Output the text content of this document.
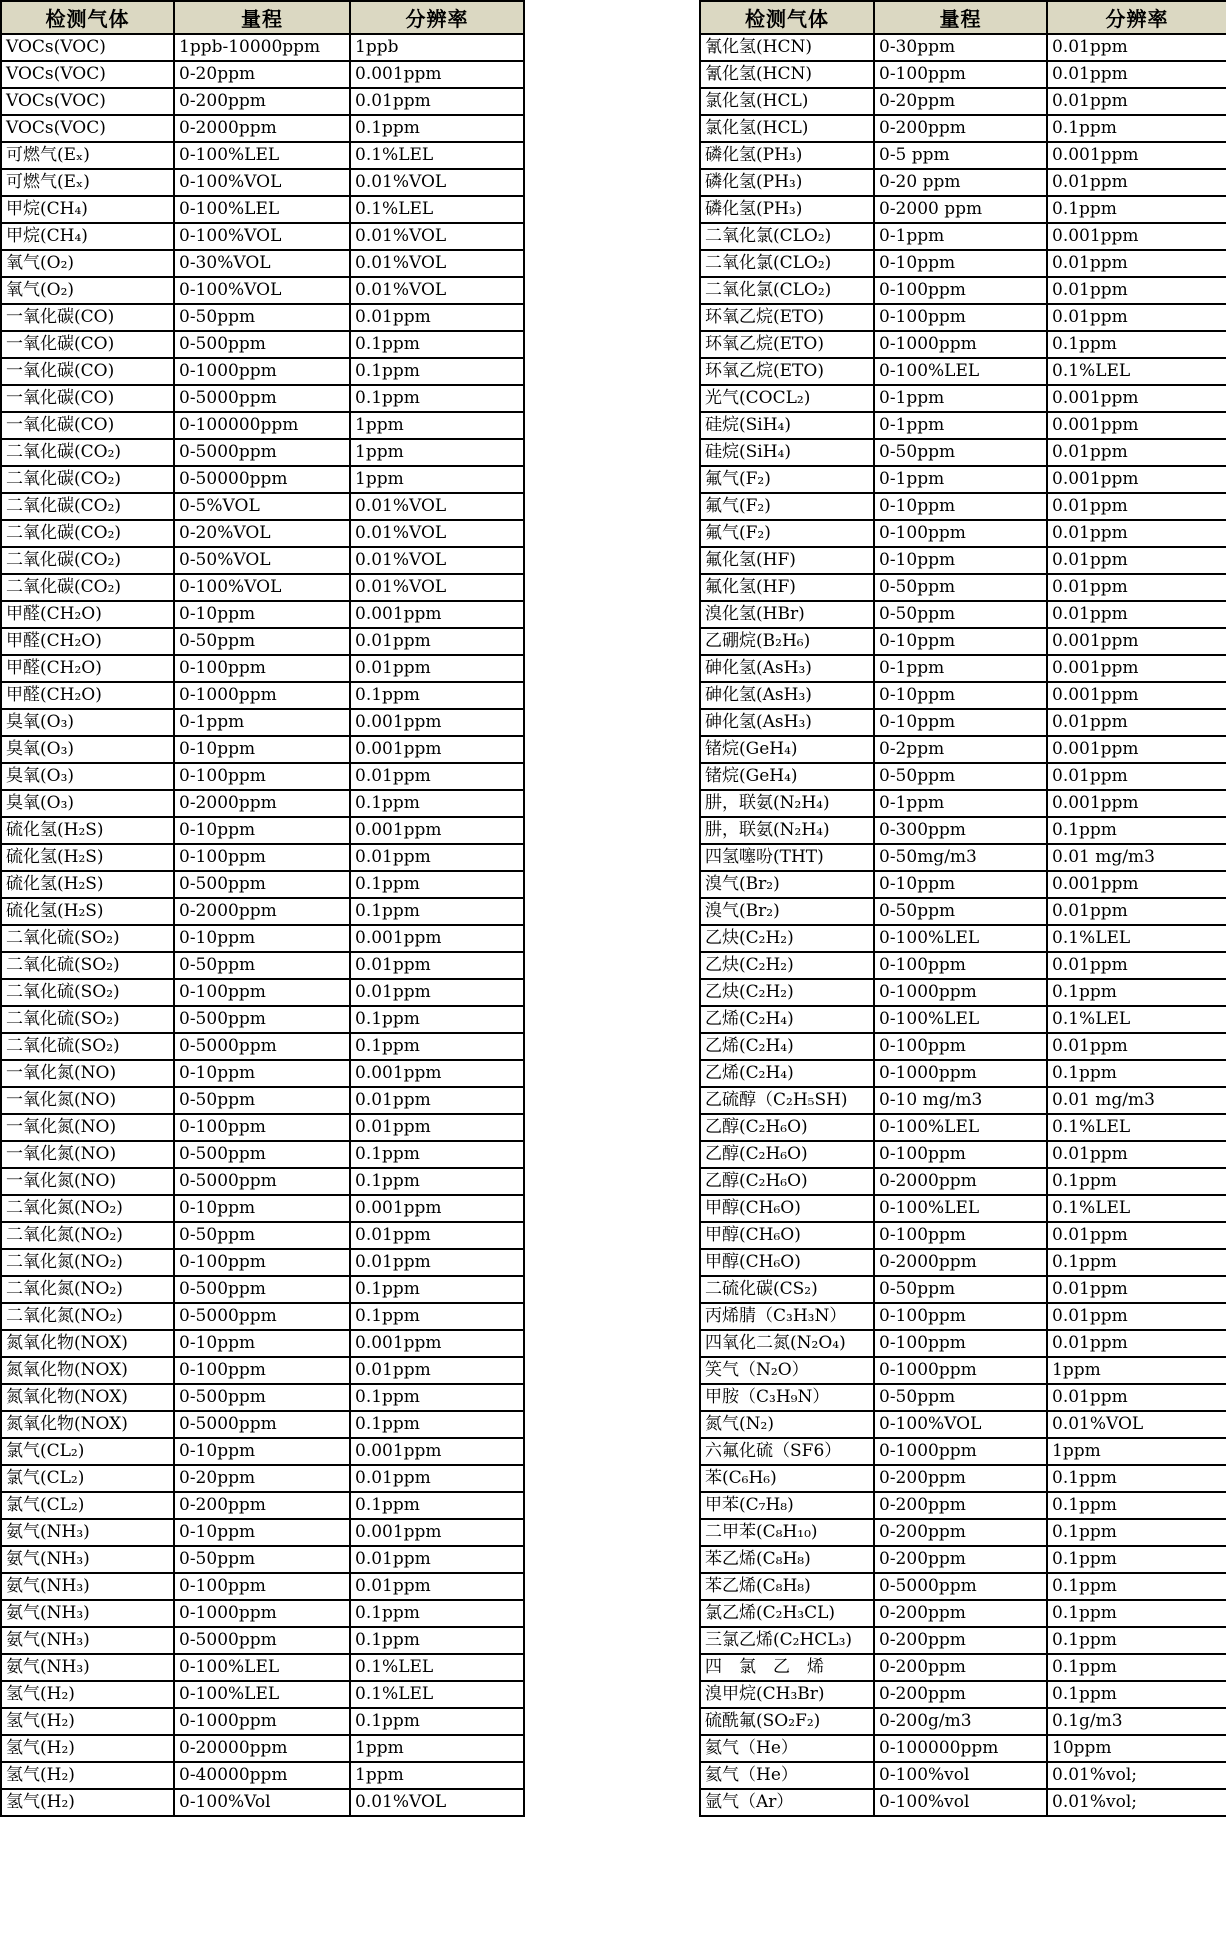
检测气体	量程	分辨率
VOCs(VOC)	1ppb-10000ppm	1ppb
VOCs(VOC)	0-20ppm	0.001ppm
VOCs(VOC)	0-200ppm	0.01ppm
VOCs(VOC)	0-2000ppm	0.1ppm
可燃气(Eₓ)	0-100%LEL	0.1%LEL
可燃气(Eₓ)	0-100%VOL	0.01%VOL
甲烷(CH₄)	0-100%LEL	0.1%LEL
甲烷(CH₄)	0-100%VOL	0.01%VOL
氧气(O₂)	0-30%VOL	0.01%VOL
氧气(O₂)	0-100%VOL	0.01%VOL
一氧化碳(CO)	0-50ppm	0.01ppm
一氧化碳(CO)	0-500ppm	0.1ppm
一氧化碳(CO)	0-1000ppm	0.1ppm
一氧化碳(CO)	0-5000ppm	0.1ppm
一氧化碳(CO)	0-100000ppm	1ppm
二氧化碳(CO₂)	0-5000ppm	1ppm
二氧化碳(CO₂)	0-50000ppm	1ppm
二氧化碳(CO₂)	0-5%VOL	0.01%VOL
二氧化碳(CO₂)	0-20%VOL	0.01%VOL
二氧化碳(CO₂)	0-50%VOL	0.01%VOL
二氧化碳(CO₂)	0-100%VOL	0.01%VOL
甲醛(CH₂O)	0-10ppm	0.001ppm
甲醛(CH₂O)	0-50ppm	0.01ppm
甲醛(CH₂O)	0-100ppm	0.01ppm
甲醛(CH₂O)	0-1000ppm	0.1ppm
臭氧(O₃)	0-1ppm	0.001ppm
臭氧(O₃)	0-10ppm	0.001ppm
臭氧(O₃)	0-100ppm	0.01ppm
臭氧(O₃)	0-2000ppm	0.1ppm
硫化氢(H₂S)	0-10ppm	0.001ppm
硫化氢(H₂S)	0-100ppm	0.01ppm
硫化氢(H₂S)	0-500ppm	0.1ppm
硫化氢(H₂S)	0-2000ppm	0.1ppm
二氧化硫(SO₂)	0-10ppm	0.001ppm
二氧化硫(SO₂)	0-50ppm	0.01ppm
二氧化硫(SO₂)	0-100ppm	0.01ppm
二氧化硫(SO₂)	0-500ppm	0.1ppm
二氧化硫(SO₂)	0-5000ppm	0.1ppm
一氧化氮(NO)	0-10ppm	0.001ppm
一氧化氮(NO)	0-50ppm	0.01ppm
一氧化氮(NO)	0-100ppm	0.01ppm
一氧化氮(NO)	0-500ppm	0.1ppm
一氧化氮(NO)	0-5000ppm	0.1ppm
二氧化氮(NO₂)	0-10ppm	0.001ppm
二氧化氮(NO₂)	0-50ppm	0.01ppm
二氧化氮(NO₂)	0-100ppm	0.01ppm
二氧化氮(NO₂)	0-500ppm	0.1ppm
二氧化氮(NO₂)	0-5000ppm	0.1ppm
氮氧化物(NOX)	0-10ppm	0.001ppm
氮氧化物(NOX)	0-100ppm	0.01ppm
氮氧化物(NOX)	0-500ppm	0.1ppm
氮氧化物(NOX)	0-5000ppm	0.1ppm
氯气(CL₂)	0-10ppm	0.001ppm
氯气(CL₂)	0-20ppm	0.01ppm
氯气(CL₂)	0-200ppm	0.1ppm
氨气(NH₃)	0-10ppm	0.001ppm
氨气(NH₃)	0-50ppm	0.01ppm
氨气(NH₃)	0-100ppm	0.01ppm
氨气(NH₃)	0-1000ppm	0.1ppm
氨气(NH₃)	0-5000ppm	0.1ppm
氨气(NH₃)	0-100%LEL	0.1%LEL
氢气(H₂)	0-100%LEL	0.1%LEL
氢气(H₂)	0-1000ppm	0.1ppm
氢气(H₂)	0-20000ppm	1ppm
氢气(H₂)	0-40000ppm	1ppm
氢气(H₂)	0-100%Vol	0.01%VOL
检测气体	量程	分辨率
氰化氢(HCN)	0-30ppm	0.01ppm
氰化氢(HCN)	0-100ppm	0.01ppm
氯化氢(HCL)	0-20ppm	0.01ppm
氯化氢(HCL)	0-200ppm	0.1ppm
磷化氢(PH₃)	0-5 ppm	0.001ppm
磷化氢(PH₃)	0-20 ppm	0.01ppm
磷化氢(PH₃)	0-2000 ppm	0.1ppm
二氧化氯(CLO₂)	0-1ppm	0.001ppm
二氧化氯(CLO₂)	0-10ppm	0.01ppm
二氧化氯(CLO₂)	0-100ppm	0.01ppm
环氧乙烷(ETO)	0-100ppm	0.01ppm
环氧乙烷(ETO)	0-1000ppm	0.1ppm
环氧乙烷(ETO)	0-100%LEL	0.1%LEL
光气(COCL₂)	0-1ppm	0.001ppm
硅烷(SiH₄)	0-1ppm	0.001ppm
硅烷(SiH₄)	0-50ppm	0.01ppm
氟气(F₂)	0-1ppm	0.001ppm
氟气(F₂)	0-10ppm	0.01ppm
氟气(F₂)	0-100ppm	0.01ppm
氟化氢(HF)	0-10ppm	0.01ppm
氟化氢(HF)	0-50ppm	0.01ppm
溴化氢(HBr)	0-50ppm	0.01ppm
乙硼烷(B₂H₆)	0-10ppm	0.001ppm
砷化氢(AsH₃)	0-1ppm	0.001ppm
砷化氢(AsH₃)	0-10ppm	0.001ppm
砷化氢(AsH₃)	0-10ppm	0.01ppm
锗烷(GeH₄)	0-2ppm	0.001ppm
锗烷(GeH₄)	0-50ppm	0.01ppm
肼，联氨(N₂H₄)	0-1ppm	0.001ppm
肼，联氨(N₂H₄)	0-300ppm	0.1ppm
四氢噻吩(THT)	0-50mg/m3	0.01 mg/m3
溴气(Br₂)	0-10ppm	0.001ppm
溴气(Br₂)	0-50ppm	0.01ppm
乙炔(C₂H₂)	0-100%LEL	0.1%LEL
乙炔(C₂H₂)	0-100ppm	0.01ppm
乙炔(C₂H₂)	0-1000ppm	0.1ppm
乙烯(C₂H₄)	0-100%LEL	0.1%LEL
乙烯(C₂H₄)	0-100ppm	0.01ppm
乙烯(C₂H₄)	0-1000ppm	0.1ppm
乙硫醇（C₂H₅SH)	0-10 mg/m3	0.01 mg/m3
乙醇(C₂H₆O)	0-100%LEL	0.1%LEL
乙醇(C₂H₆O)	0-100ppm	0.01ppm
乙醇(C₂H₆O)	0-2000ppm	0.1ppm
甲醇(CH₆O)	0-100%LEL	0.1%LEL
甲醇(CH₆O)	0-100ppm	0.01ppm
甲醇(CH₆O)	0-2000ppm	0.1ppm
二硫化碳(CS₂)	0-50ppm	0.01ppm
丙烯腈（C₃H₃N）	0-100ppm	0.01ppm
四氧化二氮(N₂O₄)	0-100ppm	0.01ppm
笑气（N₂O）	0-1000ppm	1ppm
甲胺（C₃H₉N）	0-50ppm	0.01ppm
氮气(N₂)	0-100%VOL	0.01%VOL
六氟化硫（SF6）	0-1000ppm	1ppm
苯(C₆H₆)	0-200ppm	0.1ppm
甲苯(C₇H₈)	0-200ppm	0.1ppm
二甲苯(C₈H₁₀)	0-200ppm	0.1ppm
苯乙烯(C₈H₈)	0-200ppm	0.1ppm
苯乙烯(C₈H₈)	0-5000ppm	0.1ppm
氯乙烯(C₂H₃CL)	0-200ppm	0.1ppm
三氯乙烯(C₂HCL₃)	0-200ppm	0.1ppm
四　氯　乙　烯	0-200ppm	0.1ppm
溴甲烷(CH₃Br)	0-200ppm	0.1ppm
硫酰氟(SO₂F₂)	0-200g/m3	0.1g/m3
氦气（He）	0-100000ppm	10ppm
氦气（He）	0-100%vol	0.01%vol;
氩气（Ar）	0-100%vol	0.01%vol;
